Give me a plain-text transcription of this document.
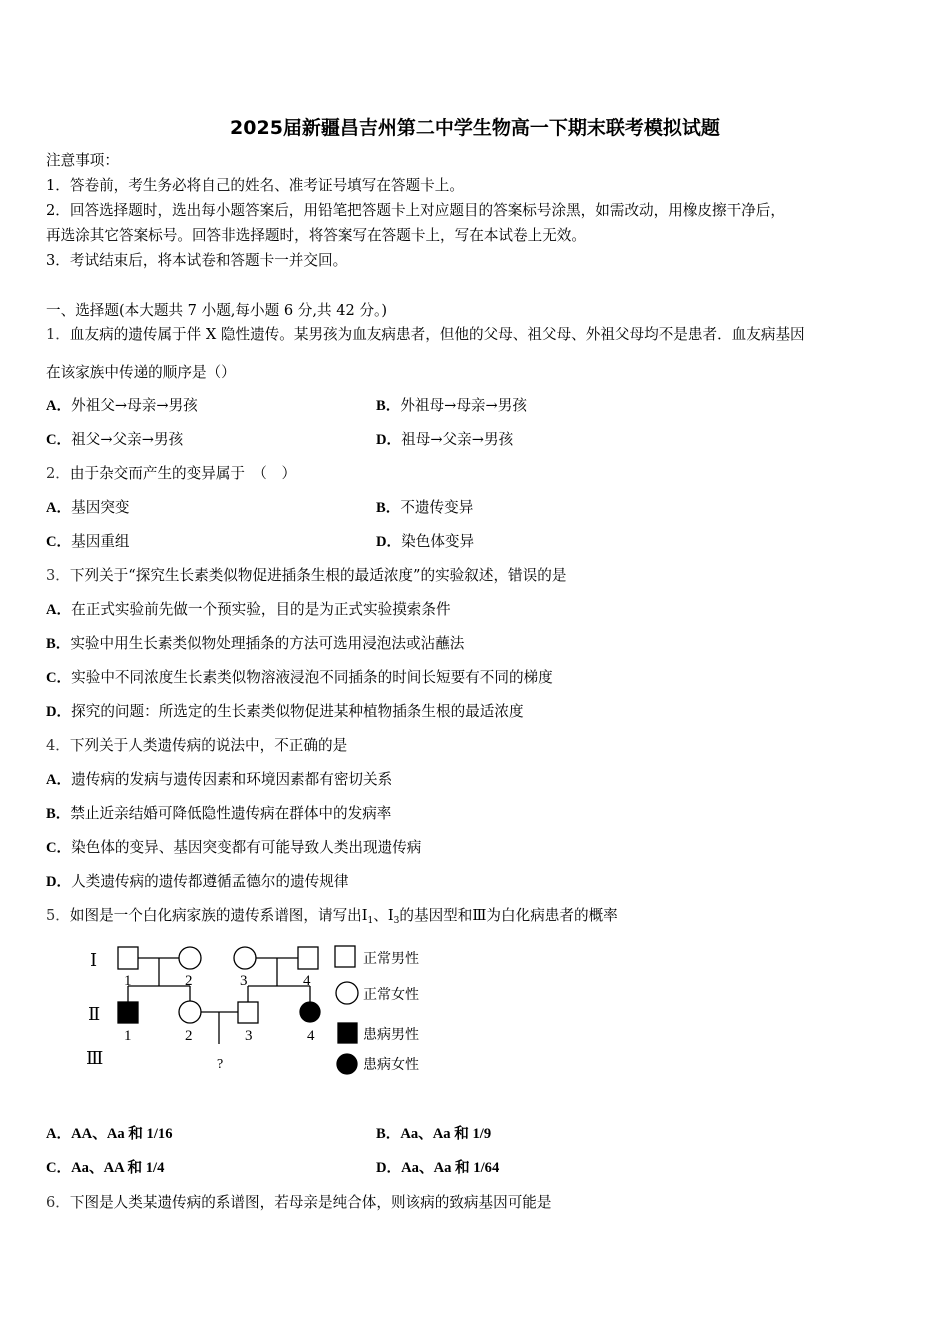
2025届新疆昌吉州第二中学生物高一下期末联考模拟试题
注意事项：
1．答卷前，考生务必将自己的姓名、准考证号填写在答题卡上。
2．回答选择题时，选出每小题答案后，用铅笔把答题卡上对应题目的答案标号涂黑，如需改动，用橡皮擦干净后，
再选涂其它答案标号。回答非选择题时，将答案写在答题卡上，写在本试卷上无效。
3．考试结束后，将本试卷和答题卡一并交回。
一、选择题(本大题共 7 小题,每小题 6 分,共 42 分。)
1．血友病的遗传属于伴 X 隐性遗传。某男孩为血友病患者，但他的父母、祖父母、外祖父母均不是患者．血友病基因
在该家族中传递的顺序是（）
A．外祖父→母亲→男孩	B．外祖母→母亲→男孩
C．祖父→父亲→男孩	D．祖母→父亲→男孩
2．由于杂交而产生的变异属于　（　）
A．基因突变	B．不遗传变异
C．基因重组	D．染色体变异
3．下列关于“探究生长素类似物促进插条生根的最适浓度”的实验叙述，错误的是
A．在正式实验前先做一个预实验，目的是为正式实验摸索条件
B．实验中用生长素类似物处理插条的方法可选用浸泡法或沾蘸法
C．实验中不同浓度生长素类似物溶液浸泡不同插条的时间长短要有不同的梯度
D．探究的问题：所选定的生长素类似物促进某种植物插条生根的最适浓度
4．下列关于人类遗传病的说法中，不正确的是
A．遗传病的发病与遗传因素和环境因素都有密切关系
B．禁止近亲结婚可降低隐性遗传病在群体中的发病率
C．染色体的变异、基因突变都有可能导致人类出现遗传病
D．人类遗传病的遗传都遵循孟德尔的遗传规律
5．如图是一个白化病家族的遗传系谱图，请写出$Ⅰ_1$、$Ⅰ_3$的基因型和Ⅲ为白化病患者的概率
Ⅰ
Ⅱ
Ⅲ
1	2	3	4
1	2	3	4
?
正常男性
正常女性
患病男性
患病女性
A．AA、Aa 和 1/16	B．Aa、Aa 和 1/9
C．Aa、AA 和 1/4	D．Aa、Aa 和 1/64
6．下图是人类某遗传病的系谱图，若母亲是纯合体，则该病的致病基因可能是
